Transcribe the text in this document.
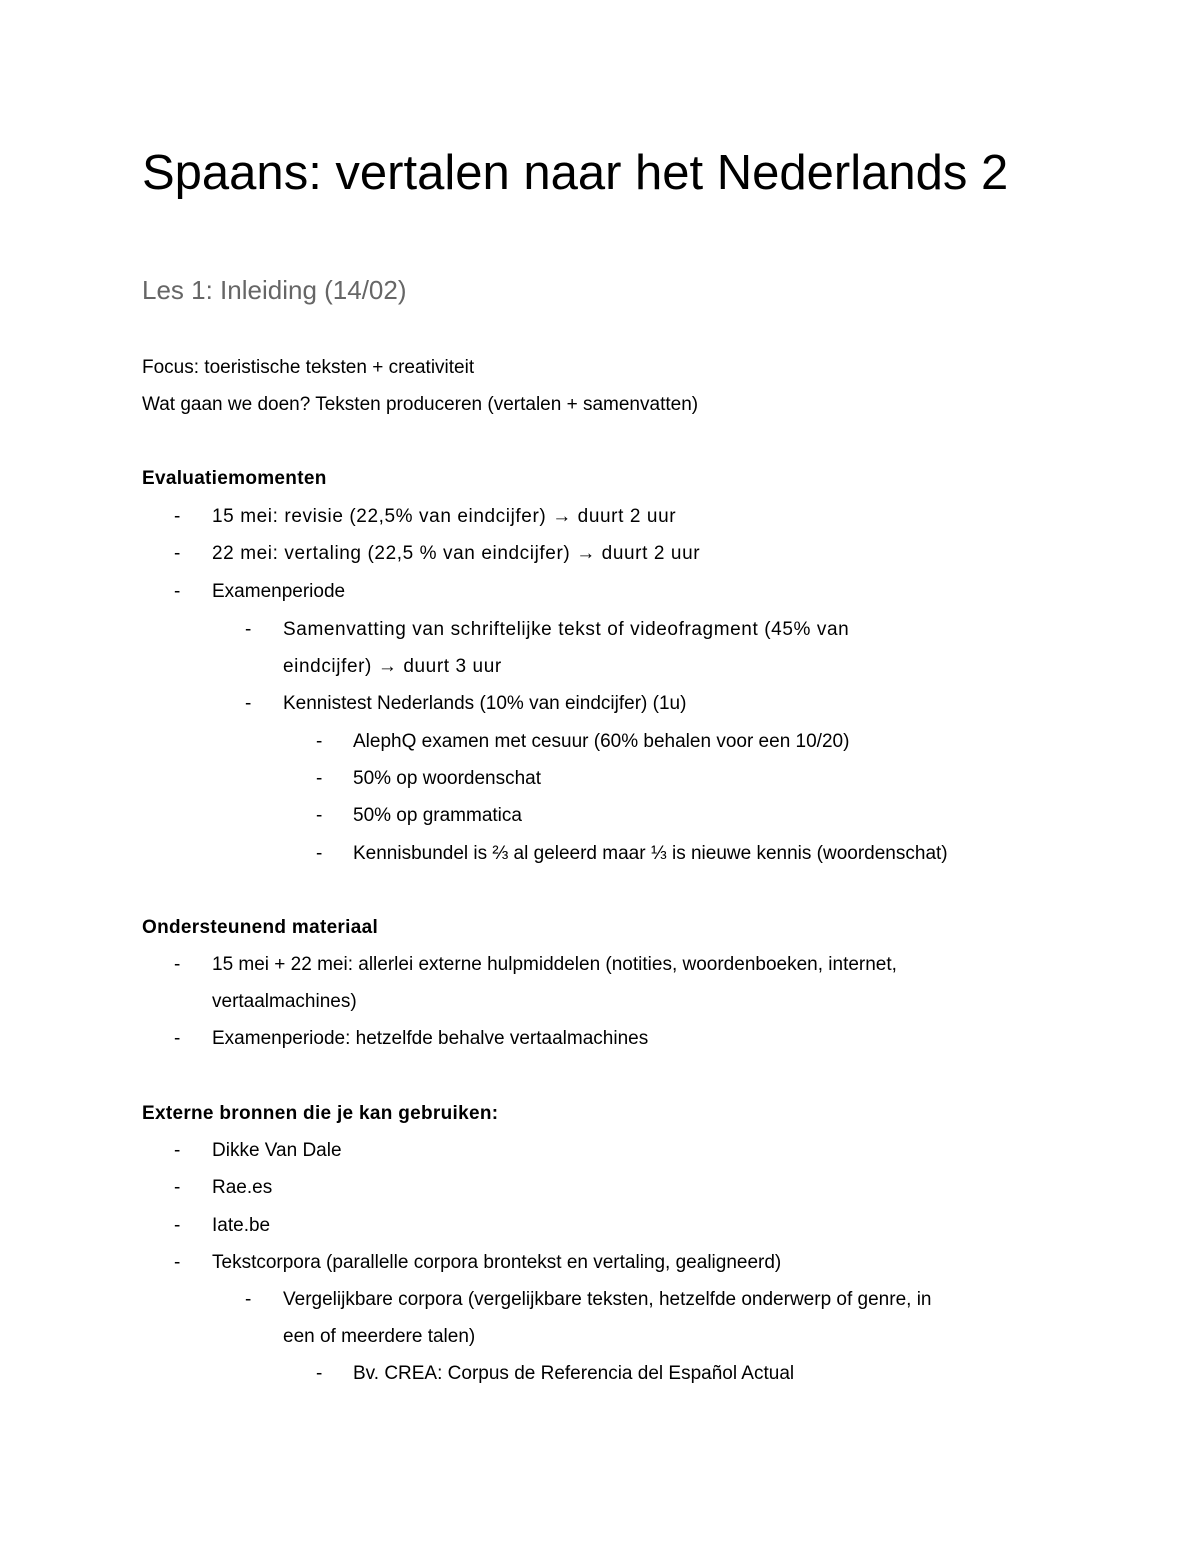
Spaans: vertalen naar het Nederlands 2
Les 1: Inleiding (14/02)
Focus: toeristische teksten + creativiteit
Wat gaan we doen? Teksten produceren (vertalen + samenvatten)
Evaluatiemomenten
- 15 mei: revisie (22,5% van eindcijfer) → duurt 2 uur
- 22 mei: vertaling (22,5 % van eindcijfer) → duurt 2 uur
- Examenperiode
- Samenvatting van schriftelijke tekst of videofragment (45% van
eindcijfer) → duurt 3 uur
- Kennistest Nederlands (10% van eindcijfer) (1u)
- AlephQ examen met cesuur (60% behalen voor een 10/20)
- 50% op woordenschat
- 50% op grammatica
- Kennisbundel is ⅔ al geleerd maar ⅓ is nieuwe kennis (woordenschat)
Ondersteunend materiaal
- 15 mei + 22 mei: allerlei externe hulpmiddelen (notities, woordenboeken, internet,
vertaalmachines)
- Examenperiode: hetzelfde behalve vertaalmachines
Externe bronnen die je kan gebruiken:
- Dikke Van Dale
- Rae.es
- Iate.be
- Tekstcorpora (parallelle corpora brontekst en vertaling, gealigneerd)
- Vergelijkbare corpora (vergelijkbare teksten, hetzelfde onderwerp of genre, in
een of meerdere talen)
- Bv. CREA: Corpus de Referencia del Español Actual
